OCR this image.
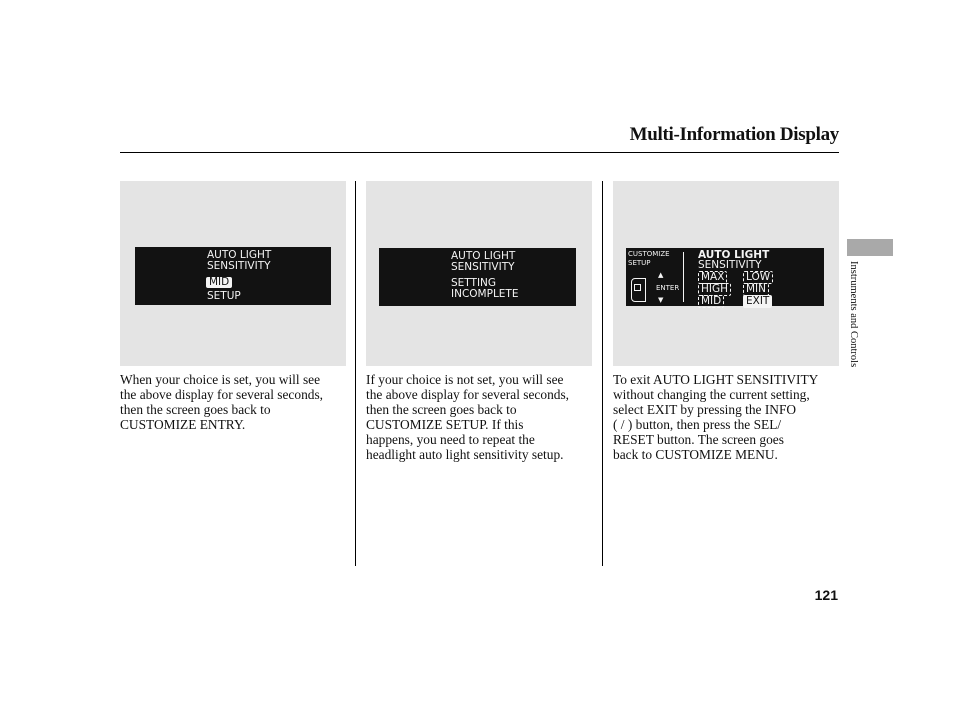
Multi-Information Display
AUTO LIGHT
SENSITIVITY
MID
SETUP
AUTO LIGHT
SENSITIVITY
SETTING
INCOMPLETE
CUSTOMIZE
SETUP
▲
ENTER
▼
AUTO LIGHT
SENSITIVITY
MAX LOW
HIGH MIN
MID EXIT
When your choice is set, you will see
the above display for several seconds,
then the screen goes back to
CUSTOMIZE ENTRY.
If your choice is not set, you will see
the above display for several seconds,
then the screen goes back to
CUSTOMIZE SETUP. If this
happens, you need to repeat the
headlight auto light sensitivity setup.
To exit AUTO LIGHT SENSITIVITY
without changing the current setting,
select EXIT by pressing the INFO
( / ) button, then press the SEL/
RESET button. The screen goes
back to CUSTOMIZE MENU.
Instruments and Controls
121
